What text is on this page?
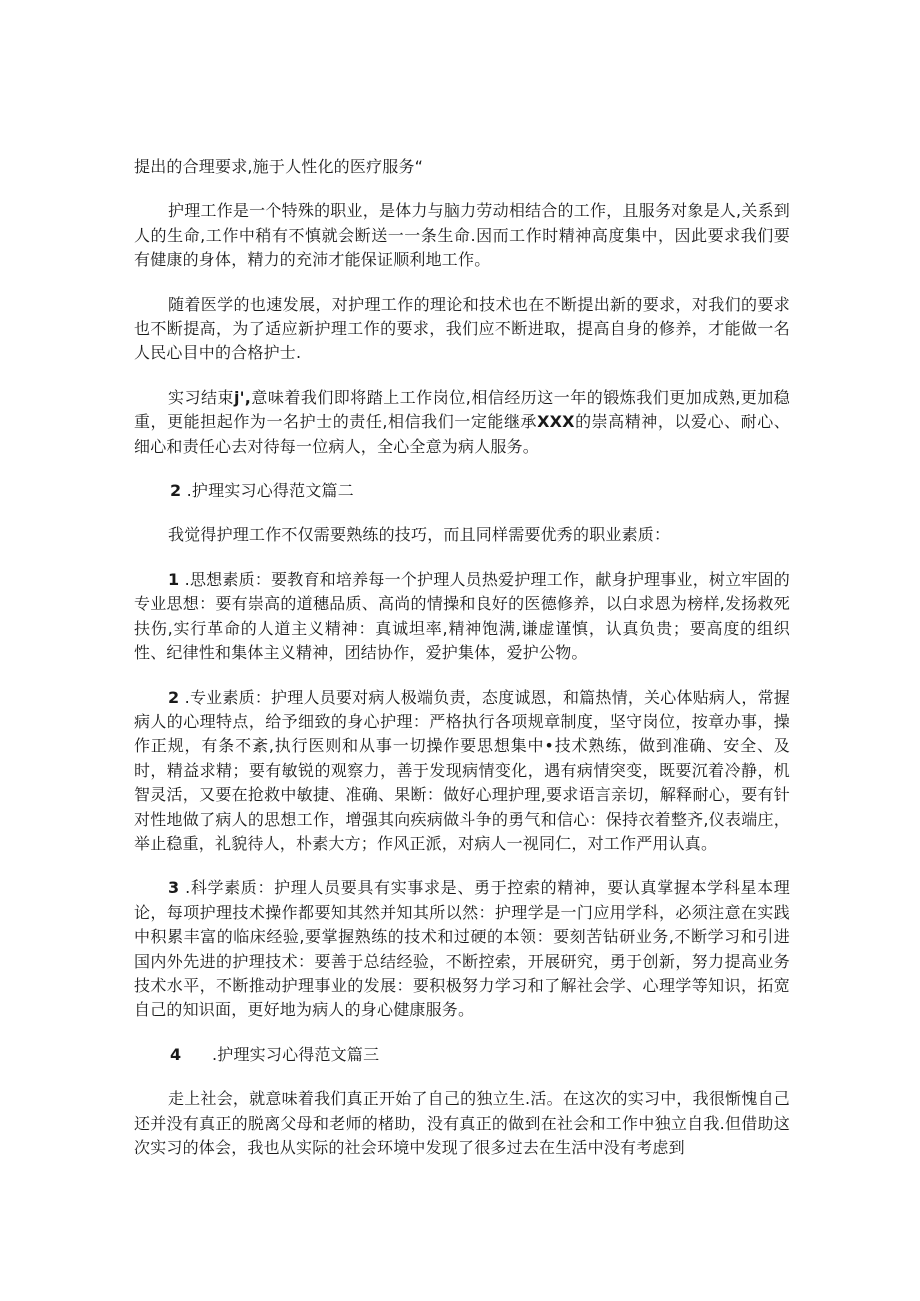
提出的合理要求,施于人性化的医疗服务“

护理工作是一个特殊的职业，是体力与脑力劳动相结合的工作，且服务对象是人,关系到人的生命,工作中稍有不慎就会断送一一条生命.因而工作时精神高度集中，因此要求我们要有健康的身体，精力的充沛才能保证顺利地工作。

随着医学的也速发展，对护理工作的理论和技术也在不断提出新的要求，对我们的要求也不断提高，为了适应新护理工作的要求，我们应不断进取，提高自身的修养，才能做一名人民心目中的合格护士.

实习结束j',意味着我们即将踏上工作岗位,相信经历这一年的锻炼我们更加成熟,更加稳重，更能担起作为一名护士的责任,相信我们一定能继承XXX的崇高精神，以爱心、耐心、细心和责任心去对待每一位病人，全心全意为病人服务。

2 .护理实习心得范文篇二

我觉得护理工作不仅需要熟练的技巧，而且同样需要优秀的职业素质：

1 .思想素质：要教育和培养每一个护理人员热爱护理工作，献身护理事业，树立牢固的专业思想：要有崇高的道穗品质、高尚的情操和良好的医德修养，以白求恩为榜样,发扬救死扶伤,实行革命的人道主义精神：真诚坦率,精神饱满,谦虚谨慎，认真负贵；要高度的组织性、纪律性和集体主义精神，团结协作，爱护集体，爱护公物。

2 .专业素质：护理人员要对病人极端负责，态度诚恩，和篇热情，关心体贴病人，常握病人的心理特点，给予细致的身心护理：严格执行各项规章制度，坚守岗位，按章办事，操作正规，有条不紊,执行医则和从事一切操作要思想集中•技术熟练，做到准确、安全、及时，精益求精；要有敏锐的观察力，善于发现病情变化，遇有病情突变，既要沉着冷静，机智灵活，又要在抢救中敏捷、准确、果断：做好心理护理,要求语言亲切，解释耐心，要有针对性地做了病人的思想工作，增强其向疾病做斗争的勇气和信心：保持衣着整齐,仪表端庄，举止稳重，礼貌待人，朴素大方；作风正派，对病人一视同仁，对工作严用认真。

3 .科学素质：护理人员要具有实事求是、勇于控索的精神，要认真掌握本学科星本理论，每项护理技术操作都要知其然并知其所以然：护理学是一门应用学科，必须注意在实践中积累丰富的临床经验,要掌握熟练的技术和过硬的本领：要刻苦钻研业务,不断学习和引进国内外先进的护理技术：要善于总结经验，不断控索，开展研究，勇于创新，努力提高业务技术水平，不断推动护理事业的发展：要积极努力学习和了解社会学、心理学等知识，拓宽自己的知识面，更好地为病人的身心健康服务。

4 .护理实习心得范文篇三

走上社会，就意味着我们真正开始了自己的独立生.活。在这次的实习中，我很惭愧自己还并没有真正的脱离父母和老师的楮助，没有真正的做到在社会和工作中独立自我.但借助这次实习的体会，我也从实际的社会环境中发现了很多过去在生活中没有考虑到
